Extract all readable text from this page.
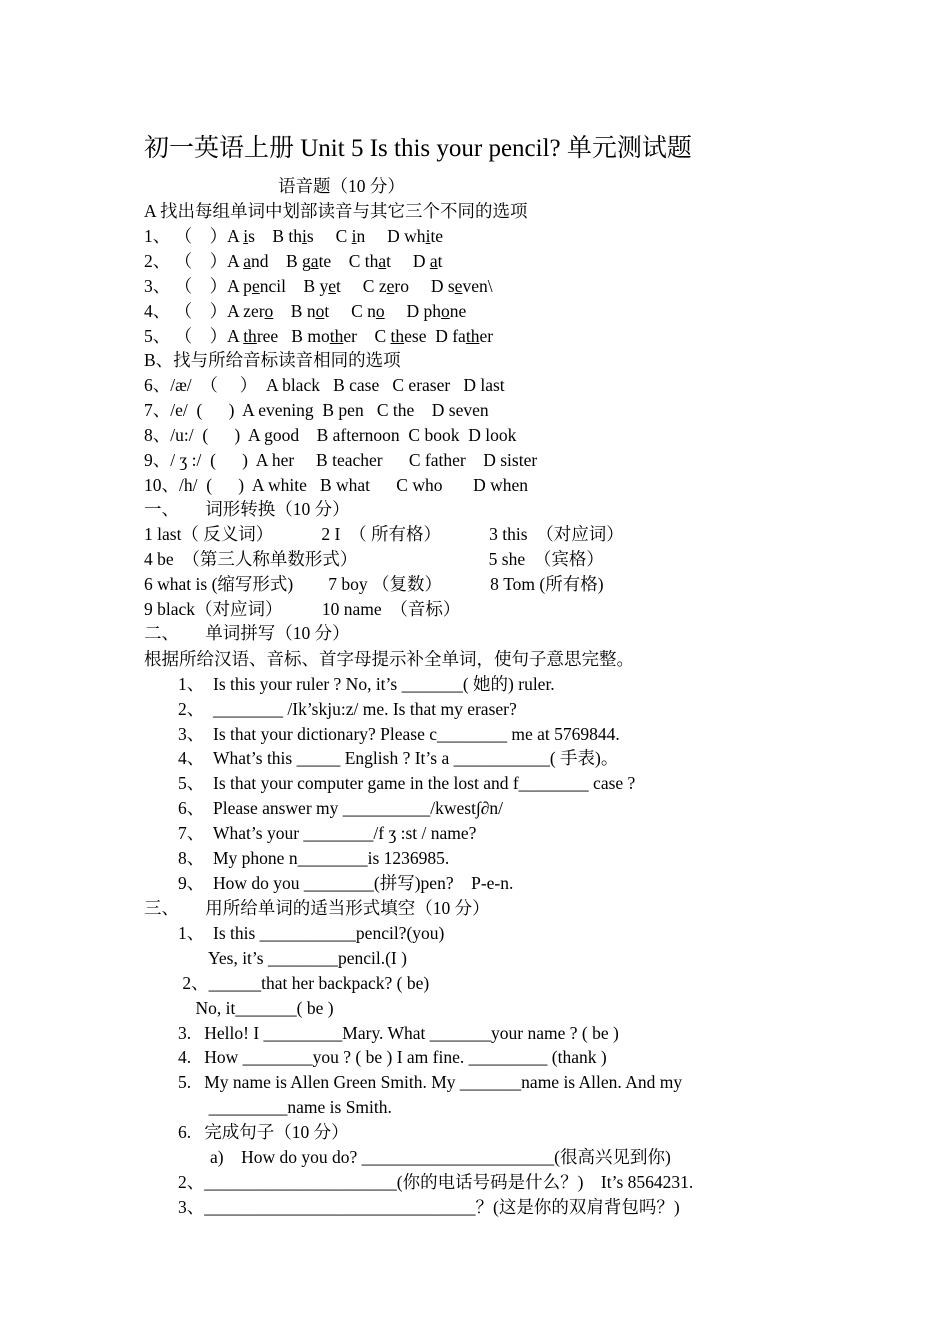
初一英语上册 Unit 5 Is this your pencil? 单元测试题
语音题（10 分）
A 找出每组单词中划部读音与其它三个不同的选项
1、 （    ）A is    B this     C in     D white
2、 （    ）A and    B gate    C that     D at
3、 （    ）A pencil    B yet     C zero     D seven\
4、 （    ）A zero    B not     C no     D phone
5、 （    ）A three   B mother    C these  D father
B、找与所给音标读音相同的选项
6、/æ/  （     ）  A black   B case   C eraser   D last
7、/e/  (      )  A evening  B pen   C the    D seven
8、/u:/  (      )  A good    B afternoon  C book  D look
9、/ ʒ :/  (      )  A her     B teacher      C father    D sister
10、/h/  (      )  A white   B what      C who       D when
一、      词形转换（10 分）
1 last（ 反义词）           2 I  （ 所有格）           3 this  （对应词）
4 be  （第三人称单数形式）                              5 she  （宾格）
6 what is (缩写形式)        7 boy （复数）           8 Tom (所有格)
9 black（对应词）         10 name  （音标）
二、      单词拼写（10 分）
根据所给汉语、音标、首字母提示补全单词，使句子意思完整。
1、  Is this your ruler ? No, it’s _______( 她的) ruler.
2、  ________ /Ik’skju:z/ me. Is that my eraser?
3、  Is that your dictionary? Please c________ me at 5769844.
4、  What’s this _____ English ? It’s a ___________( 手表)。
5、  Is that your computer game in the lost and f________ case ?
6、  Please answer my __________/kwest∫∂n/
7、  What’s your ________/f ʒ :st / name?
8、  My phone n________is 1236985.
9、  How do you ________(拼写)pen?    P-e-n.
三、      用所给单词的适当形式填空（10 分）
1、  Is this ___________pencil?(you)
Yes, it’s ________pencil.(I )
2、______that her backpack? ( be)
No, it_______( be )
3.   Hello! I _________Mary. What _______your name ? ( be )
4.   How ________you ? ( be ) I am fine. _________ (thank )
5.   My name is Allen Green Smith. My _______name is Allen. And my
_________name is Smith.
6.   完成句子（10 分）
a)    How do you do? ______________________(很高兴见到你)
2、______________________(你的电话号码是什么？)    It’s 8564231.
3、_______________________________？(这是你的双肩背包吗？)
